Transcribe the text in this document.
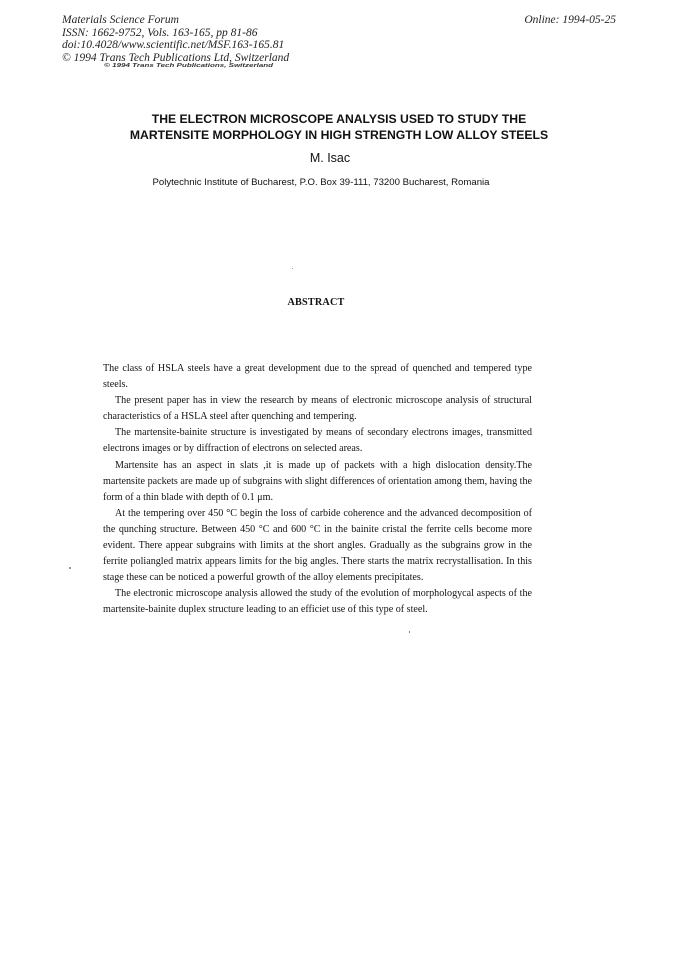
Materials Science Forum
ISSN: 1662-9752, Vols. 163-165, pp 81-86
doi:10.4028/www.scientific.net/MSF.163-165.81
© 1994 Trans Tech Publications Ltd, Switzerland
Online: 1994-05-25
© 1994 Trans Tech Publications, Switzerland
THE ELECTRON MICROSCOPE ANALYSIS USED TO STUDY THE
MARTENSITE MORPHOLOGY IN HIGH STRENGTH LOW ALLOY STEELS
M. Isac
Polytechnic Institute of Bucharest, P.O. Box 39-111, 73200 Bucharest, Romania
ABSTRACT

The class of HSLA steels have a great development due to the spread of quenched and tempered type steels.

The present paper has in view the research by means of electronic microscope analysis of structural characteristics of a HSLA steel after quenching and tempering.

The martensite-bainite structure is investigated by means of secondary electrons images, transmitted electrons images or by diffraction of electrons on selected areas.

Martensite has an aspect in slats ,it is made up of packets with a high dislocation density.The martensite packets are made up of subgrains with slight differences of orientation among them, having the form of a thin blade with depth of 0.1 μm.

At the tempering over 450 °C begin the loss of carbide coherence and the advanced decomposition of the qunching structure. Between 450 °C and 600 °C in the bainite cristal the ferrite cells become more evident. There appear subgrains with limits at the short angles. Gradually as the subgrains grow in the ferrite poliangled matrix appears limits for the big angles. There starts the matrix recrystallisation. In this stage these can be noticed a powerful growth of the alloy elements precipitates.

The electronic microscope analysis allowed the study of the evolution of morphologycal aspects of the martensite-bainite duplex structure leading to an efficiet use of this type of steel.
